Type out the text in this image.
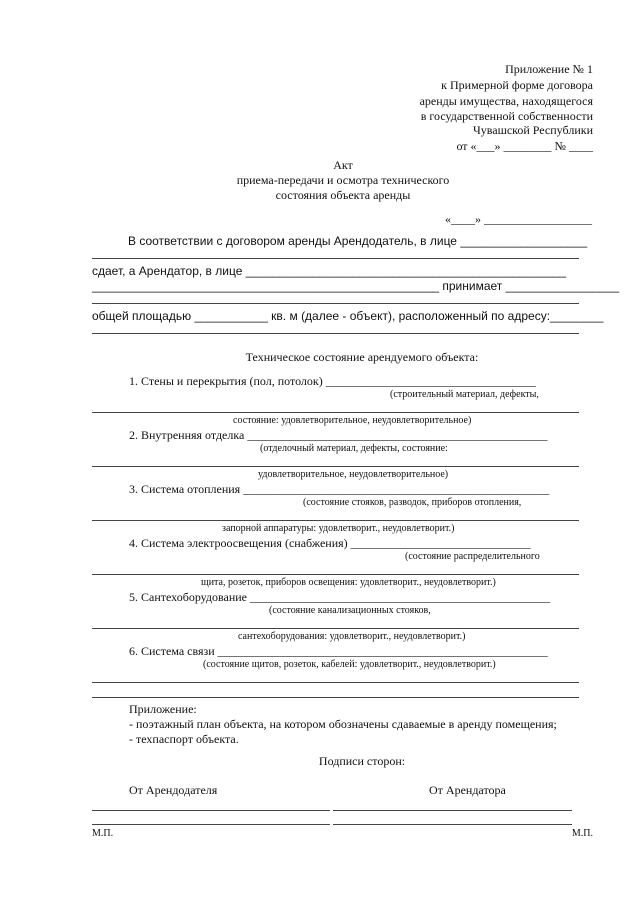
Приложение № 1
к Примерной форме договора
аренды имущества, находящегося
в государственной собственности
Чувашской Республики
от «___» ________ № ____
Акт
приема-передачи и осмотра технического
состояния объекта аренды
«____» __________________
В соответствии с договором аренды Арендодатель, в лице ___________________
сдает, а Арендатор, в лице ________________________________________________
____________________________________________________ принимает _________________
общей площадью ___________ кв. м (далее - объект), расположенный по адресу:________
Техническое состояние арендуемого объекта:
1. Стены и перекрытия (пол, потолок) ___________________________________
(строительный материал, дефекты,
состояние: удовлетворительное, неудовлетворительное)
2. Внутренняя отделка __________________________________________________
(отделочный материал, дефекты, состояние:
удовлетворительное, неудовлетворительное)
3. Система отопления ___________________________________________________
(состояние стояков, разводок, приборов отопления,
запорной аппаратуры: удовлетворит., неудовлетворит.)
4. Система электроосвещения (снабжения) ______________________________
(состояние распределительного
щита, розеток, приборов освещения: удовлетворит., неудовлетворит.)
5. Сантехоборудование __________________________________________________
(состояние канализационных стояков,
сантехоборудования: удовлетворит., неудовлетворит.)
6. Система связи _______________________________________________________
(состояние щитов, розеток, кабелей: удовлетворит., неудовлетворит.)
Приложение:
- поэтажный план объекта, на котором обозначены сдаваемые в аренду помещения;
- техпаспорт объекта.
Подписи сторон:
От Арендодателя	От Арендатора
М.П.	М.П.
